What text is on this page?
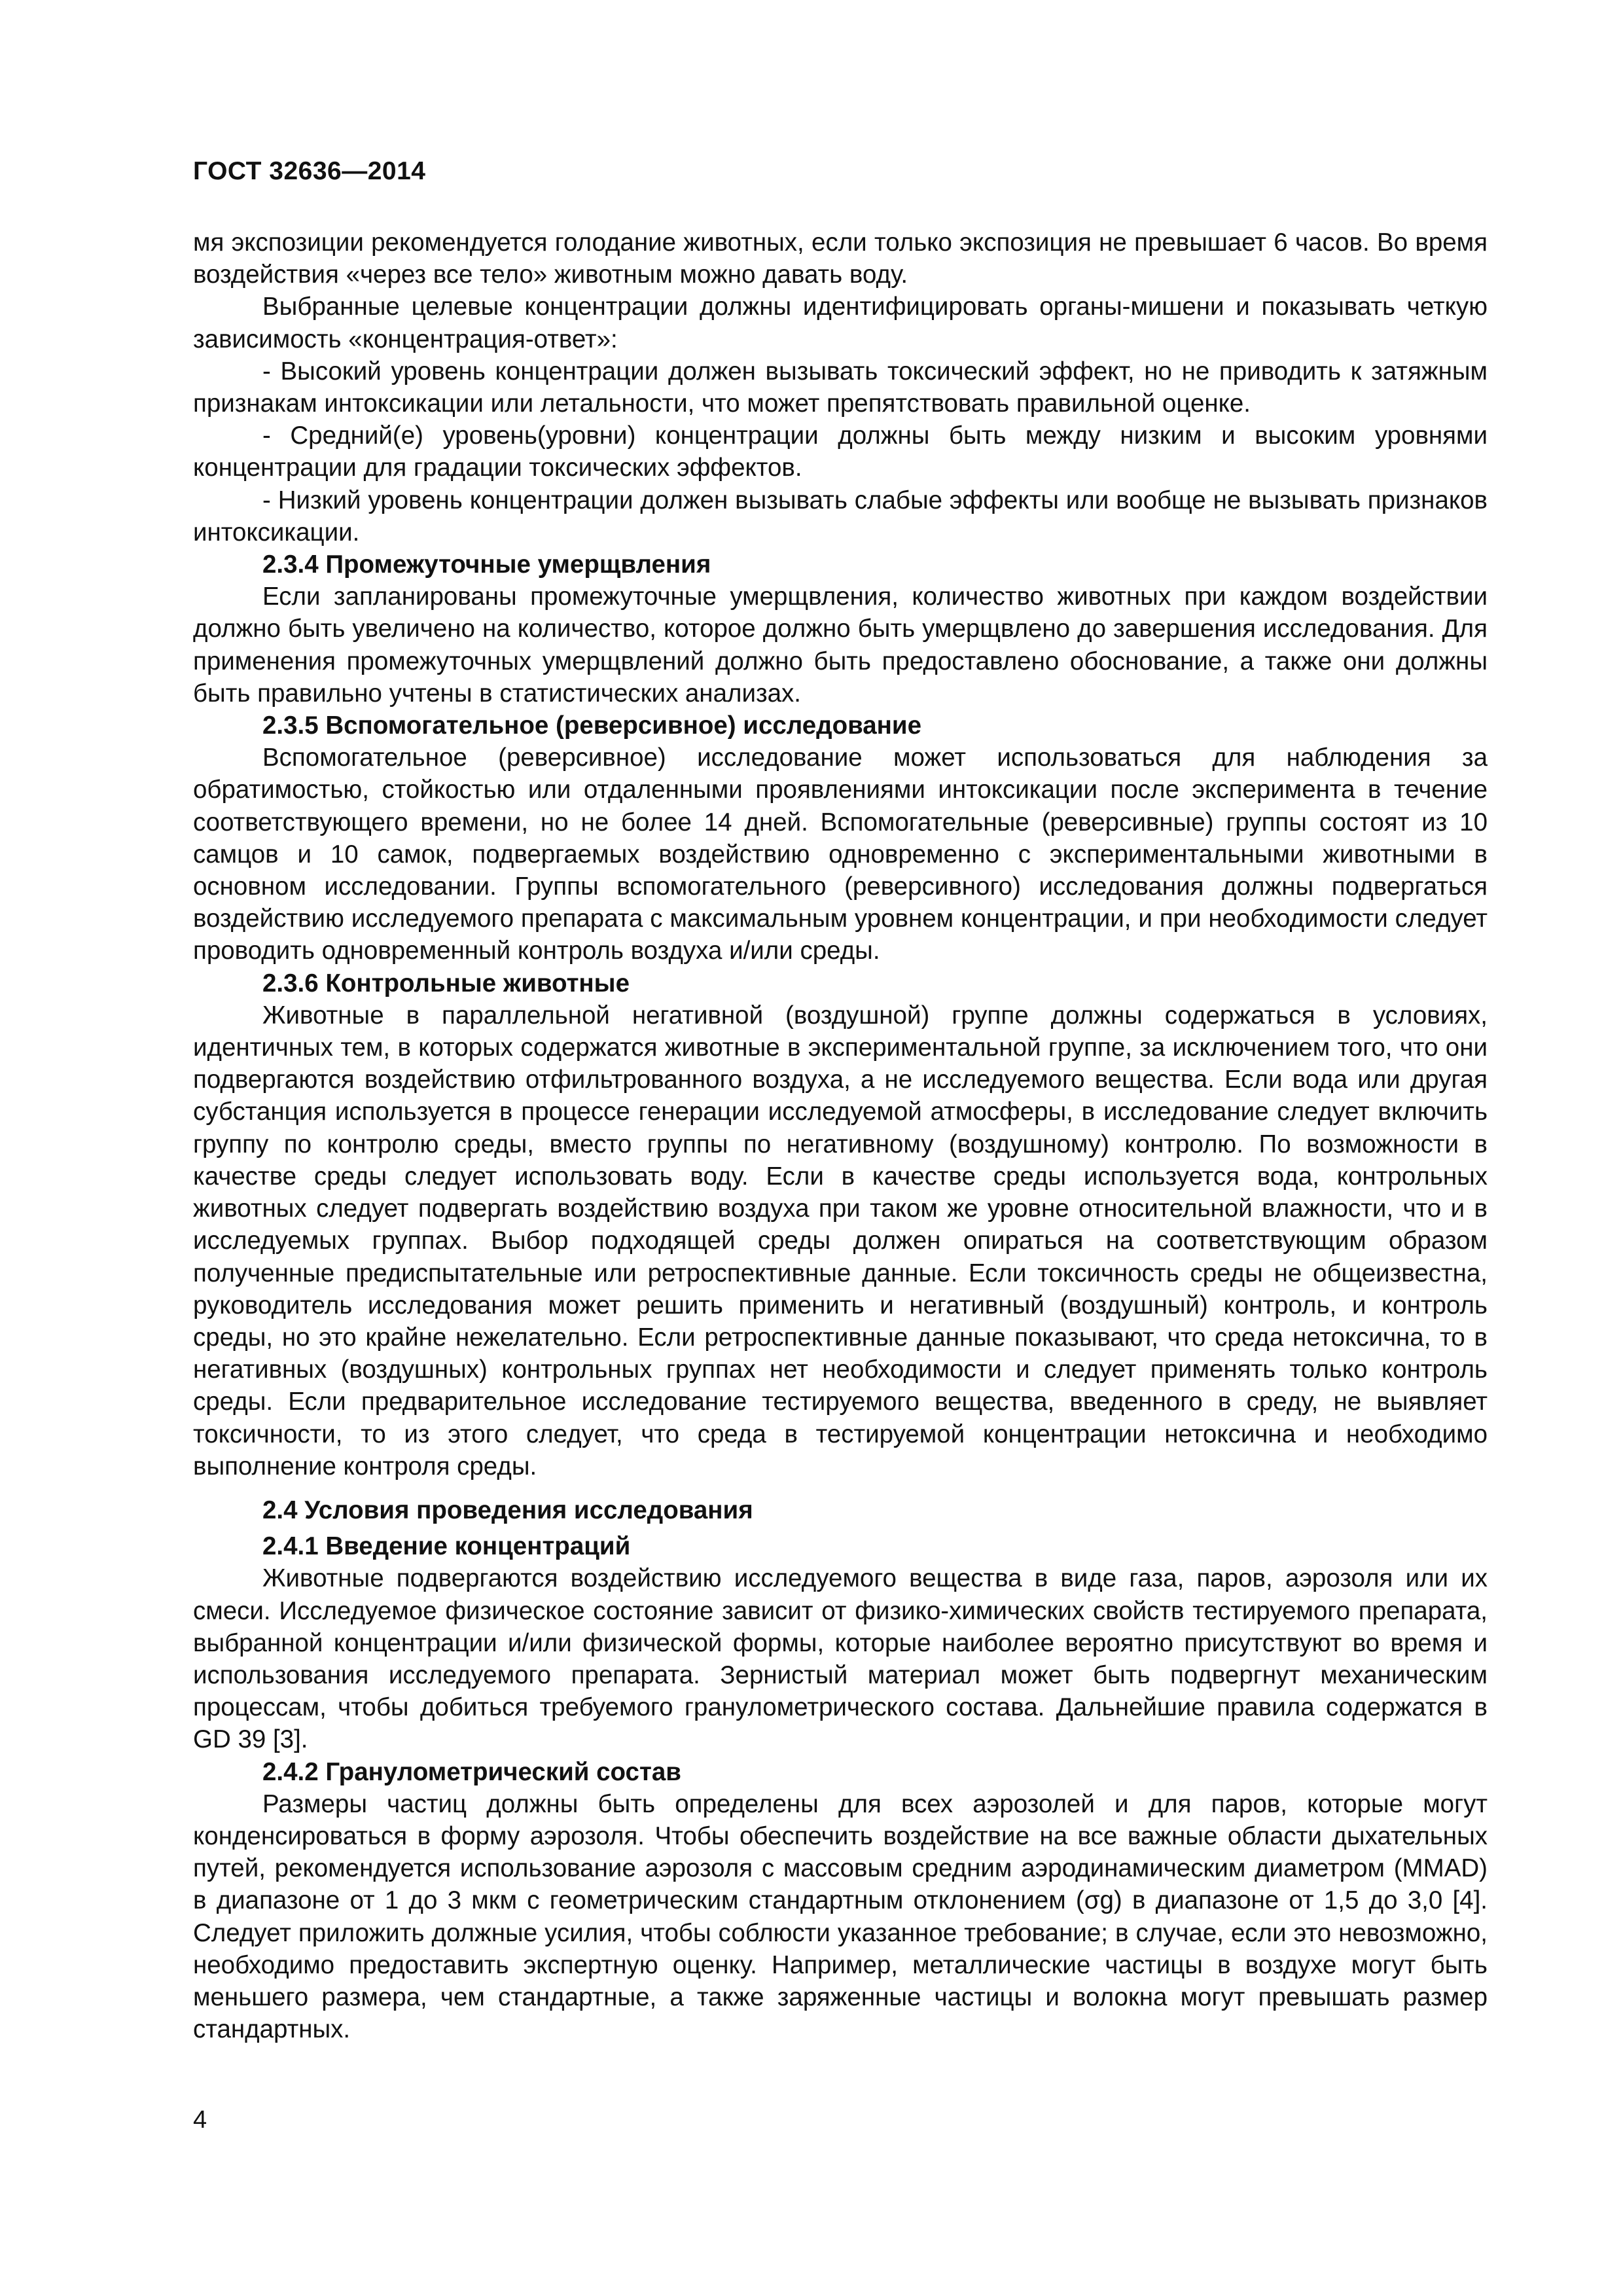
ГОСТ 32636—2014

мя экспозиции рекомендуется голодание животных, если только экспозиция не превышает 6 часов. Во время воздействия «через все тело» животным можно давать воду.

Выбранные целевые концентрации должны идентифицировать органы-мишени и показывать четкую зависимость «концентрация-ответ»:

- Высокий уровень концентрации должен вызывать токсический эффект, но не приводить к затяжным признакам интоксикации или летальности, что может препятствовать правильной оценке.

- Средний(е) уровень(уровни) концентрации должны быть между низким и высоким уровнями концентрации для градации токсических эффектов.

- Низкий уровень концентрации должен вызывать слабые эффекты или вообще не вызывать признаков интоксикации.

2.3.4 Промежуточные умерщвления

Если запланированы промежуточные умерщвления, количество животных при каждом воздействии должно быть увеличено на количество, которое должно быть умерщвлено до завершения исследования. Для применения промежуточных умерщвлений должно быть предоставлено обоснование, а также они должны быть правильно учтены в статистических анализах.

2.3.5 Вспомогательное (реверсивное) исследование

Вспомогательное (реверсивное) исследование может использоваться для наблюдения за обратимостью, стойкостью или отдаленными проявлениями интоксикации после эксперимента в течение соответствующего времени, но не более 14 дней. Вспомогательные (реверсивные) группы состоят из 10 самцов и 10 самок, подвергаемых воздействию одновременно с экспериментальными животными в основном исследовании. Группы вспомогательного (реверсивного) исследования должны подвергаться воздействию исследуемого препарата с максимальным уровнем концентрации, и при необходимости следует проводить одновременный контроль воздуха и/или среды.

2.3.6 Контрольные животные

Животные в параллельной негативной (воздушной) группе должны содержаться в условиях, идентичных тем, в которых содержатся животные в экспериментальной группе, за исключением того, что они подвергаются воздействию отфильтрованного воздуха, а не исследуемого вещества. Если вода или другая субстанция используется в процессе генерации исследуемой атмосферы, в исследование следует включить группу по контролю среды, вместо группы по негативному (воздушному) контролю. По возможности в качестве среды следует использовать воду. Если в качестве среды используется вода, контрольных животных следует подвергать воздействию воздуха при таком же уровне относительной влажности, что и в исследуемых группах. Выбор подходящей среды должен опираться на соответствующим образом полученные предиспытательные или ретроспективные данные. Если токсичность среды не общеизвестна, руководитель исследования может решить применить и негативный (воздушный) контроль, и контроль среды, но это крайне нежелательно. Если ретроспективные данные показывают, что среда нетоксична, то в негативных (воздушных) контрольных группах нет необходимости и следует применять только контроль среды. Если предварительное исследование тестируемого вещества, введенного в среду, не выявляет токсичности, то из этого следует, что среда в тестируемой концентрации нетоксична и необходимо выполнение контроля среды.

2.4 Условия проведения исследования
2.4.1 Введение концентраций

Животные подвергаются воздействию исследуемого вещества в виде газа, паров, аэрозоля или их смеси. Исследуемое физическое состояние зависит от физико-химических свойств тестируемого препарата, выбранной концентрации и/или физической формы, которые наиболее вероятно присутствуют во время и использования исследуемого препарата. Зернистый материал может быть подвергнут механическим процессам, чтобы добиться требуемого гранулометрического состава. Дальнейшие правила содержатся в GD 39 [3].

2.4.2 Гранулометрический состав

Размеры частиц должны быть определены для всех аэрозолей и для паров, которые могут конденсироваться в форму аэрозоля. Чтобы обеспечить воздействие на все важные области дыхательных путей, рекомендуется использование аэрозоля с массовым средним аэродинамическим диаметром (MMAD) в диапазоне от 1 до 3 мкм с геометрическим стандартным отклонением (σg) в диапазоне от 1,5 до 3,0 [4]. Следует приложить должные усилия, чтобы соблюсти указанное требование; в случае, если это невозможно, необходимо предоставить экспертную оценку. Например, металлические частицы в воздухе могут быть меньшего размера, чем стандартные, а также заряженные частицы и волокна могут превышать размер стандартных.

4
